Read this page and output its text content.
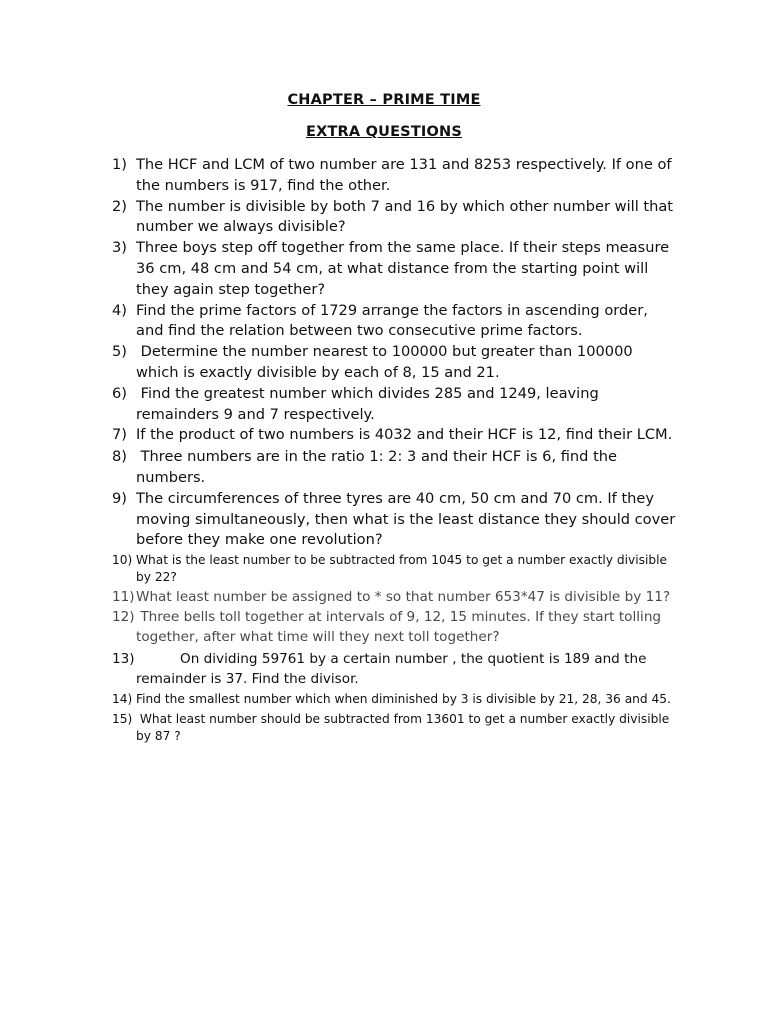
CHAPTER – PRIME TIME
EXTRA QUESTIONS
1) The HCF and LCM of two number are 131 and 8253 respectively. If one of the numbers is 917, find the other.
2) The number is divisible by both 7 and 16 by which other number will that number we always divisible?
3) Three boys step off together from the same place. If their steps measure 36 cm, 48 cm and 54 cm, at what distance from the starting point will they again step together?
4) Find the prime factors of 1729 arrange the factors in ascending order, and find the relation between two consecutive prime factors.
5) Determine the number nearest to 100000 but greater than 100000 which is exactly divisible by each of 8, 15 and 21.
6) Find the greatest number which divides 285 and 1249, leaving remainders 9 and 7 respectively.
7) If the product of two numbers is 4032 and their HCF is 12, find their LCM.
8) Three numbers are in the ratio 1: 2: 3 and their HCF is 6, find the numbers.
9) The circumferences of three tyres are 40 cm, 50 cm and 70 cm. If they moving simultaneously, then what is the least distance they should cover before they make one revolution?
10) What is the least number to be subtracted from 1045 to get a number exactly divisible by 22?
11) What least number be assigned to * so that number 653*47 is divisible by 11?
12) Three bells toll together at intervals of 9, 12, 15 minutes. If they start tolling together, after what time will they next toll together?
13)	On dividing 59761 by a certain number , the quotient is 189 and the remainder is 37. Find the divisor.
14) Find the smallest number which when diminished by 3 is divisible by 21, 28, 36 and 45.
15) What least number should be subtracted from 13601 to get a number exactly divisible by 87 ?
